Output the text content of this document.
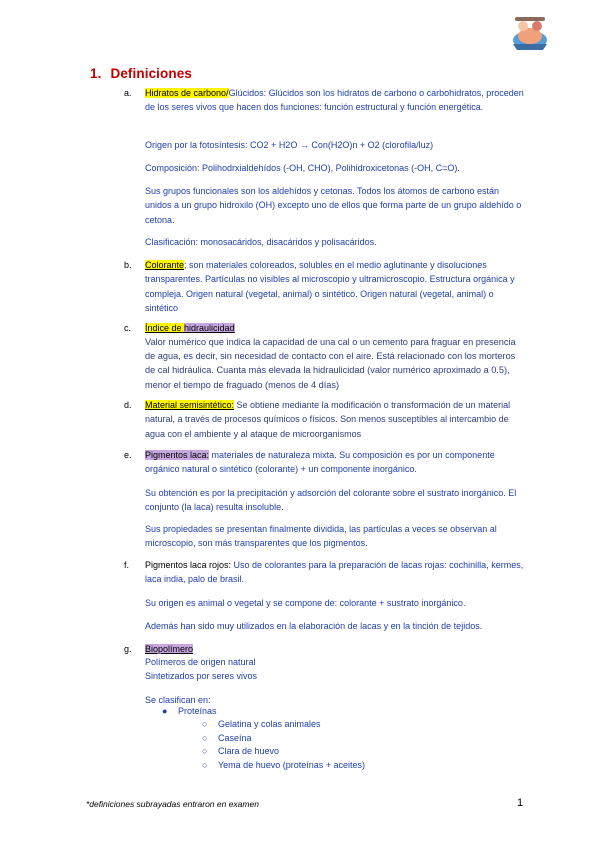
1. Definiciones
a.	Hidratos de carbono/Glúcidos: Glúcidos son los hidratos de carbono o carbohidratos, proceden de los seres vivos que hacen dos funciones: función estructural y función energética.
Origen por la fotosíntesis: CO2 + H2O → Con(H2O)n + O2 (clorofila/luz)
Composición: Polihodrxialdehídos (-OH, CHO), Polihidroxicetonas (-OH, C=O).
Sus grupos funcionales son los aldehídos y cetonas. Todos los átomos de carbono están unidos a un grupo hidroxilo (OH) excepto uno de ellos que forma parte de un grupo aldehído o cetona.
Clasificación: monosacáridos, disacáridos y polisacáridos.
b.	Colorante; son materiales coloreados, solubles en el medio aglutinante y disoluciones transparentes. Partículas no visibles al microscopio y ultramicroscopio. Estructura orgánica y compleja. Origen natural (vegetal, animal) o sintético. Origen natural (vegetal, animal) o sintético
c.	Índice de hidraulicidad
Valor numérico que indica la capacidad de una cal o un cemento para fraguar en presencia de agua, es decir, sin necesidad de contacto con el aire. Está relacionado con los morteros de cal hidráulica. Cuanta más elevada la hidraulicidad (valor numérico aproximado a 0.5), menor el tiempo de fraguado (menos de 4 días)
d.	Material semisintético: Se obtiene mediante la modificación o transformación de un material natural, a través de procesos químicos o físicos. Son menos susceptibles al intercambio de agua con el ambiente y al ataque de microorganismos
e.	Pigmentos laca: materiales de naturaleza mixta. Su composición es por un componente orgánico natural o sintético (colorante) + un componente inorgánico.
Su obtención es por la precipitación y adsorción del colorante sobre el sustrato inorgánico. El conjunto (la laca) resulta insoluble.
Sus propiedades se presentan finalmente dividida, las partículas a veces se observan al microscopio, son más transparentes que los pigmentos.
f.	Pigmentos laca rojos: Uso de colorantes para la preparación de lacas rojas: cochinilla, kermes, laca india, palo de brasil.
Su origen es animal o vegetal y se compone de: colorante + sustrato inorgánico.
Además han sido muy utilizados en la elaboración de lacas y en la tinción de tejidos.
g.	Biopolímero
Polímeros de origen natural
Sintetizados por seres vivos
Se clasifican en:
● Proteínas
○ Gelatina y colas animales
○ Caseína
○ Clara de huevo
○ Yema de huevo (proteínas + aceites)
*definiciones subrayadas entraron en examen	1
